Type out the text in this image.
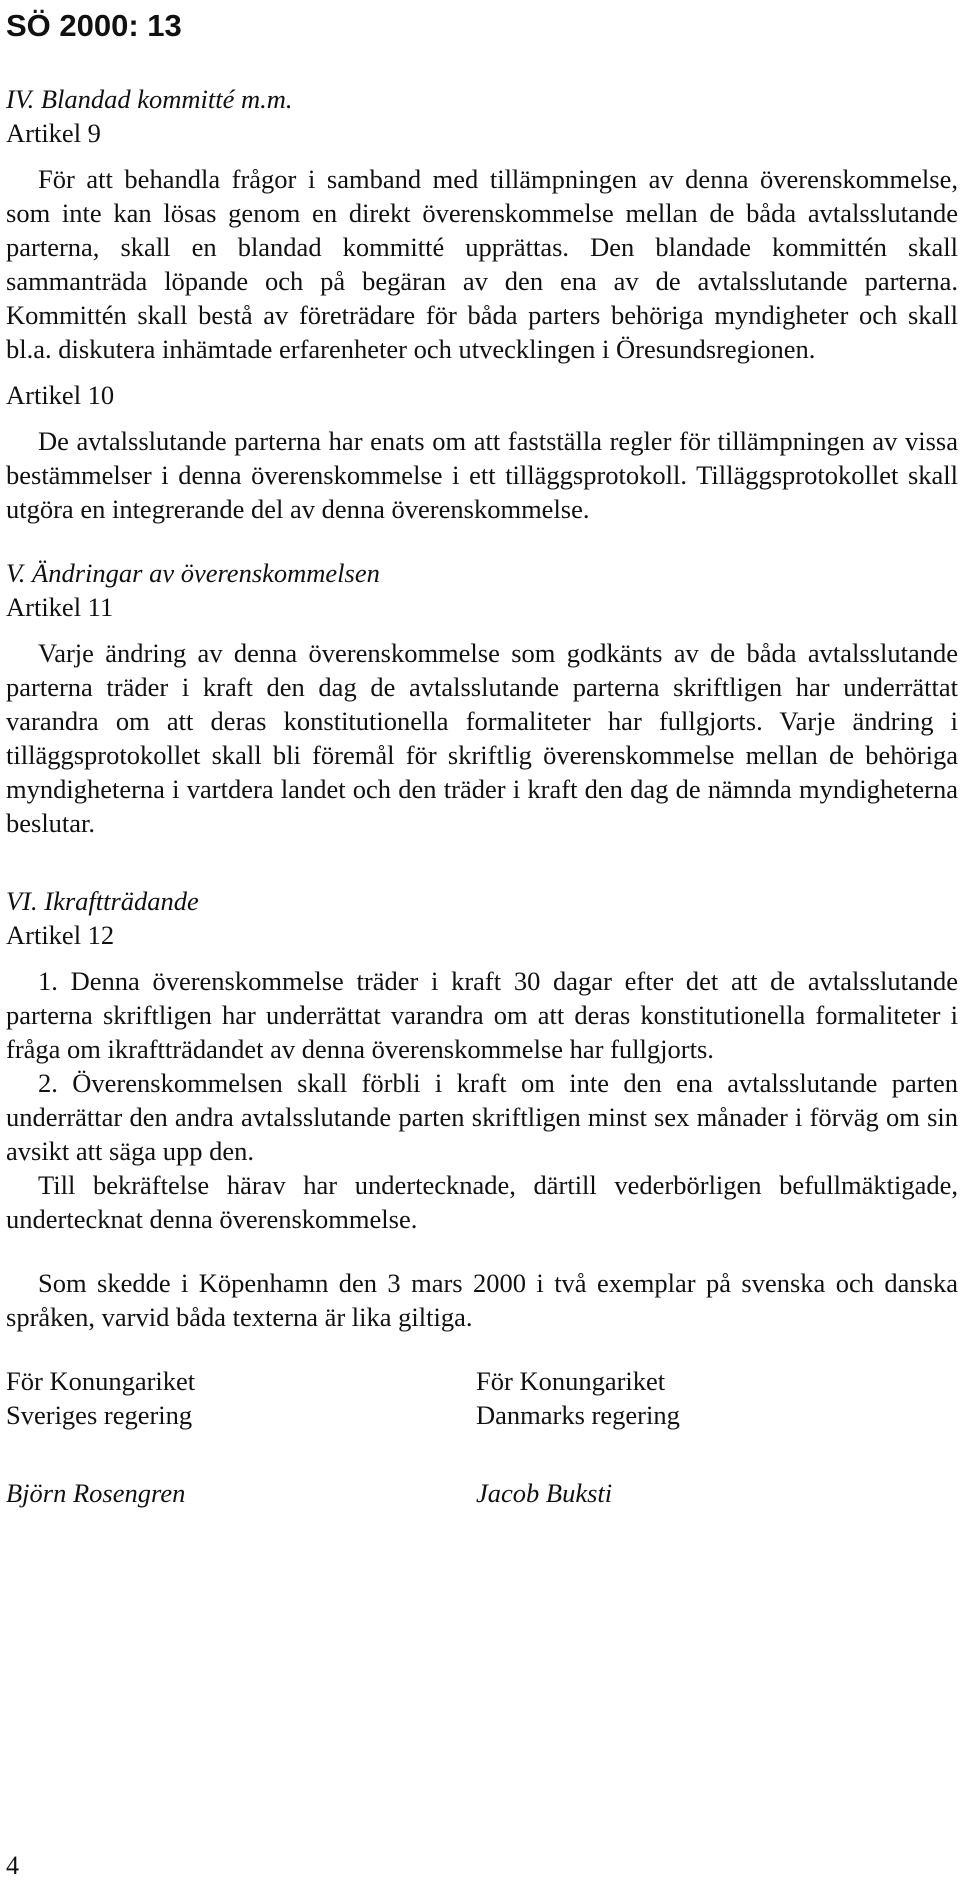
SÖ 2000: 13
IV. Blandad kommitté m.m.
Artikel 9

För att behandla frågor i samband med tillämpningen av denna överenskommelse, som inte kan lösas genom en direkt överenskommelse mellan de båda avtalsslutande parterna, skall en blandad kommitté upprättas. Den blandade kommittén skall sammanträda löpande och på begäran av den ena av de avtalsslutande parterna. Kommittén skall bestå av företrädare för båda parters behöriga myndigheter och skall bl.a. diskutera inhämtade erfarenheter och utvecklingen i Öresundsregionen.

Artikel 10

De avtalsslutande parterna har enats om att fastställa regler för tillämpningen av vissa bestämmelser i denna överenskommelse i ett tilläggsprotokoll. Tilläggsprotokollet skall utgöra en integrerande del av denna överenskommelse.

V. Ändringar av överenskommelsen
Artikel 11

Varje ändring av denna överenskommelse som godkänts av de båda avtalsslutande parterna träder i kraft den dag de avtalsslutande parterna skriftligen har underrättat varandra om att deras konstitutionella formaliteter har fullgjorts. Varje ändring i tilläggsprotokollet skall bli föremål för skriftlig överenskommelse mellan de behöriga myndigheterna i vartdera landet och den träder i kraft den dag de nämnda myndigheterna beslutar.

VI. Ikraftträdande
Artikel 12

1. Denna överenskommelse träder i kraft 30 dagar efter det att de avtalsslutande parterna skriftligen har underrättat varandra om att deras konstitutionella formaliteter i fråga om ikraftträdandet av denna överenskommelse har fullgjorts.

2. Överenskommelsen skall förbli i kraft om inte den ena avtalsslutande parten underrättar den andra avtalsslutande parten skriftligen minst sex månader i förväg om sin avsikt att säga upp den.

Till bekräftelse härav har undertecknade, därtill vederbörligen befullmäktigade, undertecknat denna överenskommelse.

Som skedde i Köpenhamn den 3 mars 2000 i två exemplar på svenska och danska språken, varvid båda texterna är lika giltiga.

För Konungariket
Sveriges regering
Björn Rosengren
För Konungariket
Danmarks regering
Jacob Buksti
4
